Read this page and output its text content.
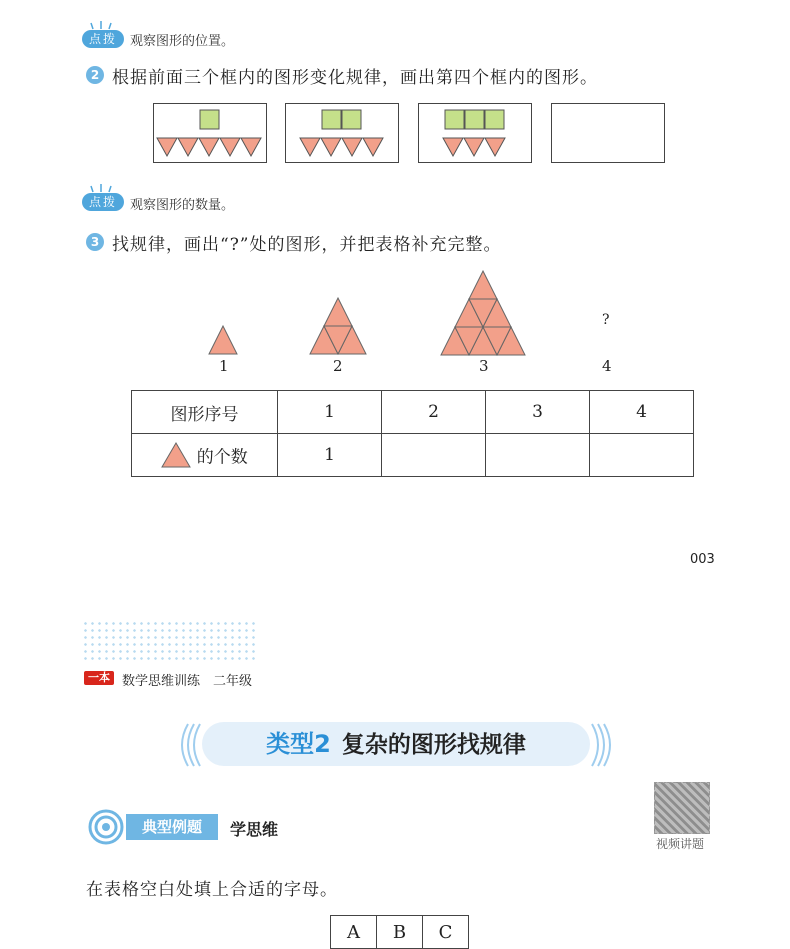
点拨	观察图形的位置。
2 根据前面三个框内的图形变化规律，画出第四个框内的图形。
点拨	观察图形的数量。
3 找规律，画出“?”处的图形，并把表格补充完整。
?
1	2	3	4
图形序号	1	2	3	4
的个数	1			
003
一本 数学思维训练　二年级
类型2 复杂的图形找规律
典型例题	学思维
视频讲题
在表格空白处填上合适的字母。
A	B	C
